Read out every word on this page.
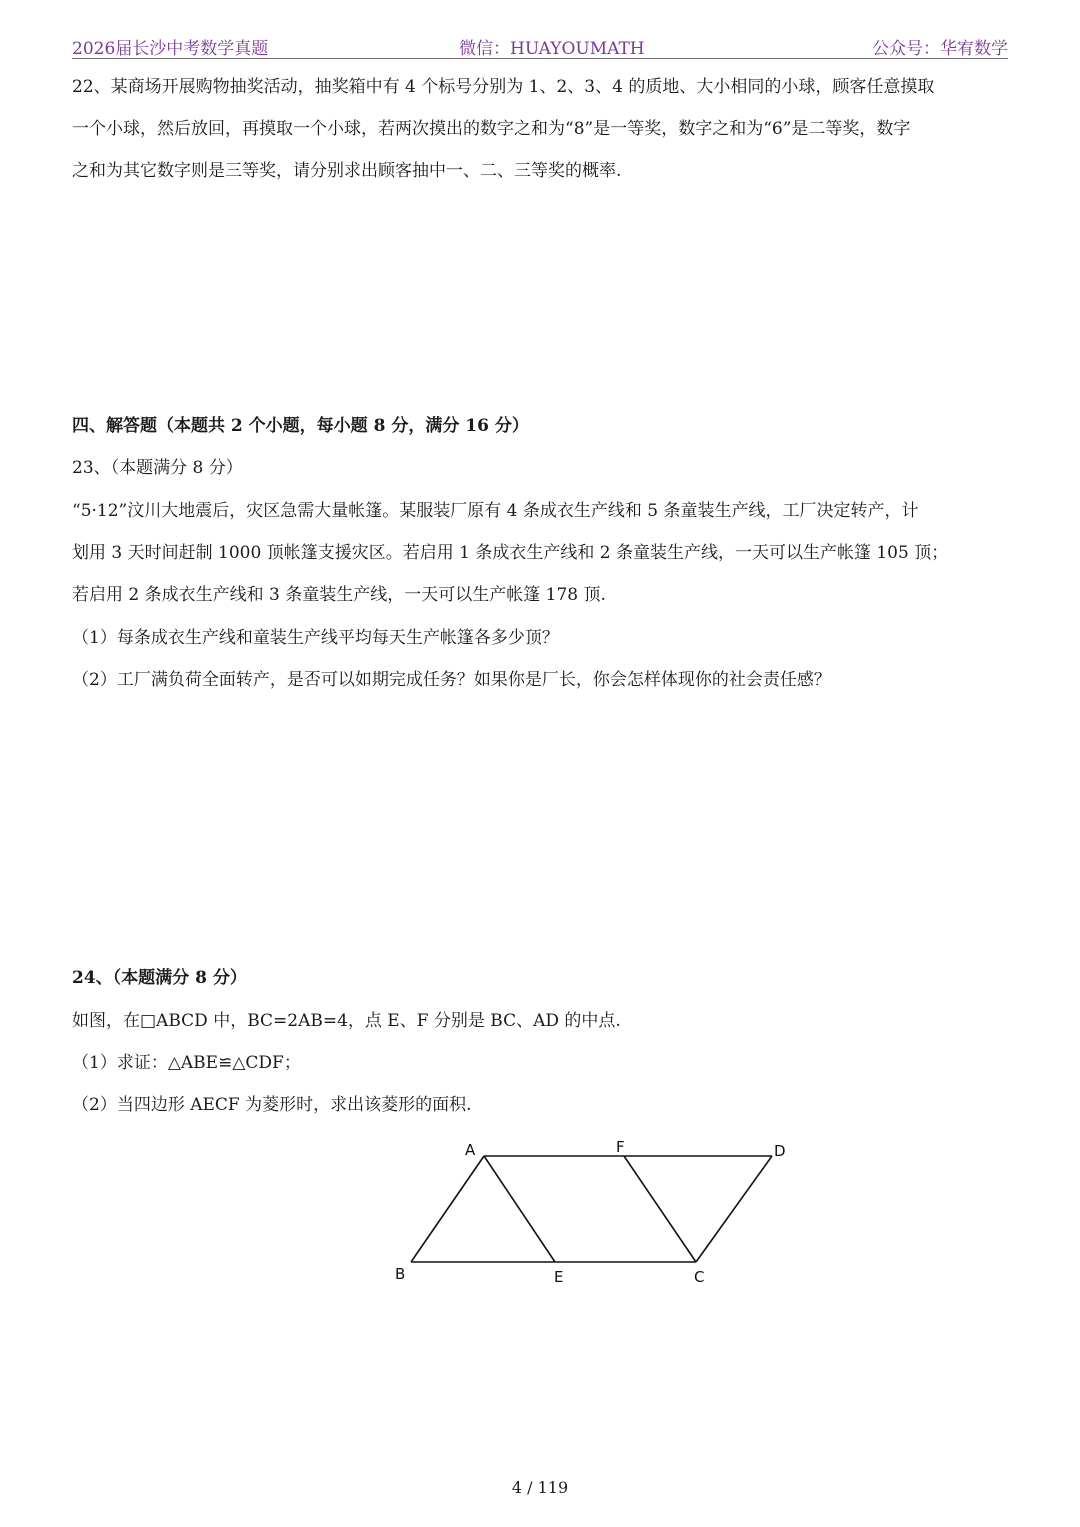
2026届长沙中考数学真题	微信：HUAYOUMATH	公众号：华宥数学
22、某商场开展购物抽奖活动，抽奖箱中有 4 个标号分别为 1、2、3、4 的质地、大小相同的小球，顾客任意摸取
一个小球，然后放回，再摸取一个小球，若两次摸出的数字之和为“8”是一等奖，数字之和为“6”是二等奖，数字
之和为其它数字则是三等奖，请分别求出顾客抽中一、二、三等奖的概率.
四、解答题（本题共 2 个小题，每小题 8 分，满分 16 分）
23、（本题满分 8 分）
“5·12”汶川大地震后，灾区急需大量帐篷。某服装厂原有 4 条成衣生产线和 5 条童装生产线，工厂决定转产，计
划用 3 天时间赶制 1000 顶帐篷支援灾区。若启用 1 条成衣生产线和 2 条童装生产线，一天可以生产帐篷 105 顶；
若启用 2 条成衣生产线和 3 条童装生产线，一天可以生产帐篷 178 顶.
（1）每条成衣生产线和童装生产线平均每天生产帐篷各多少顶？
（2）工厂满负荷全面转产，是否可以如期完成任务？如果你是厂长，你会怎样体现你的社会责任感？
24、（本题满分 8 分）
如图，在□ABCD 中，BC=2AB=4，点 E、F 分别是 BC、AD 的中点.
（1）求证：△ABE≌△CDF；
（2）当四边形 AECF 为菱形时，求出该菱形的面积.
A	F	D
B	E	C
4 / 119
